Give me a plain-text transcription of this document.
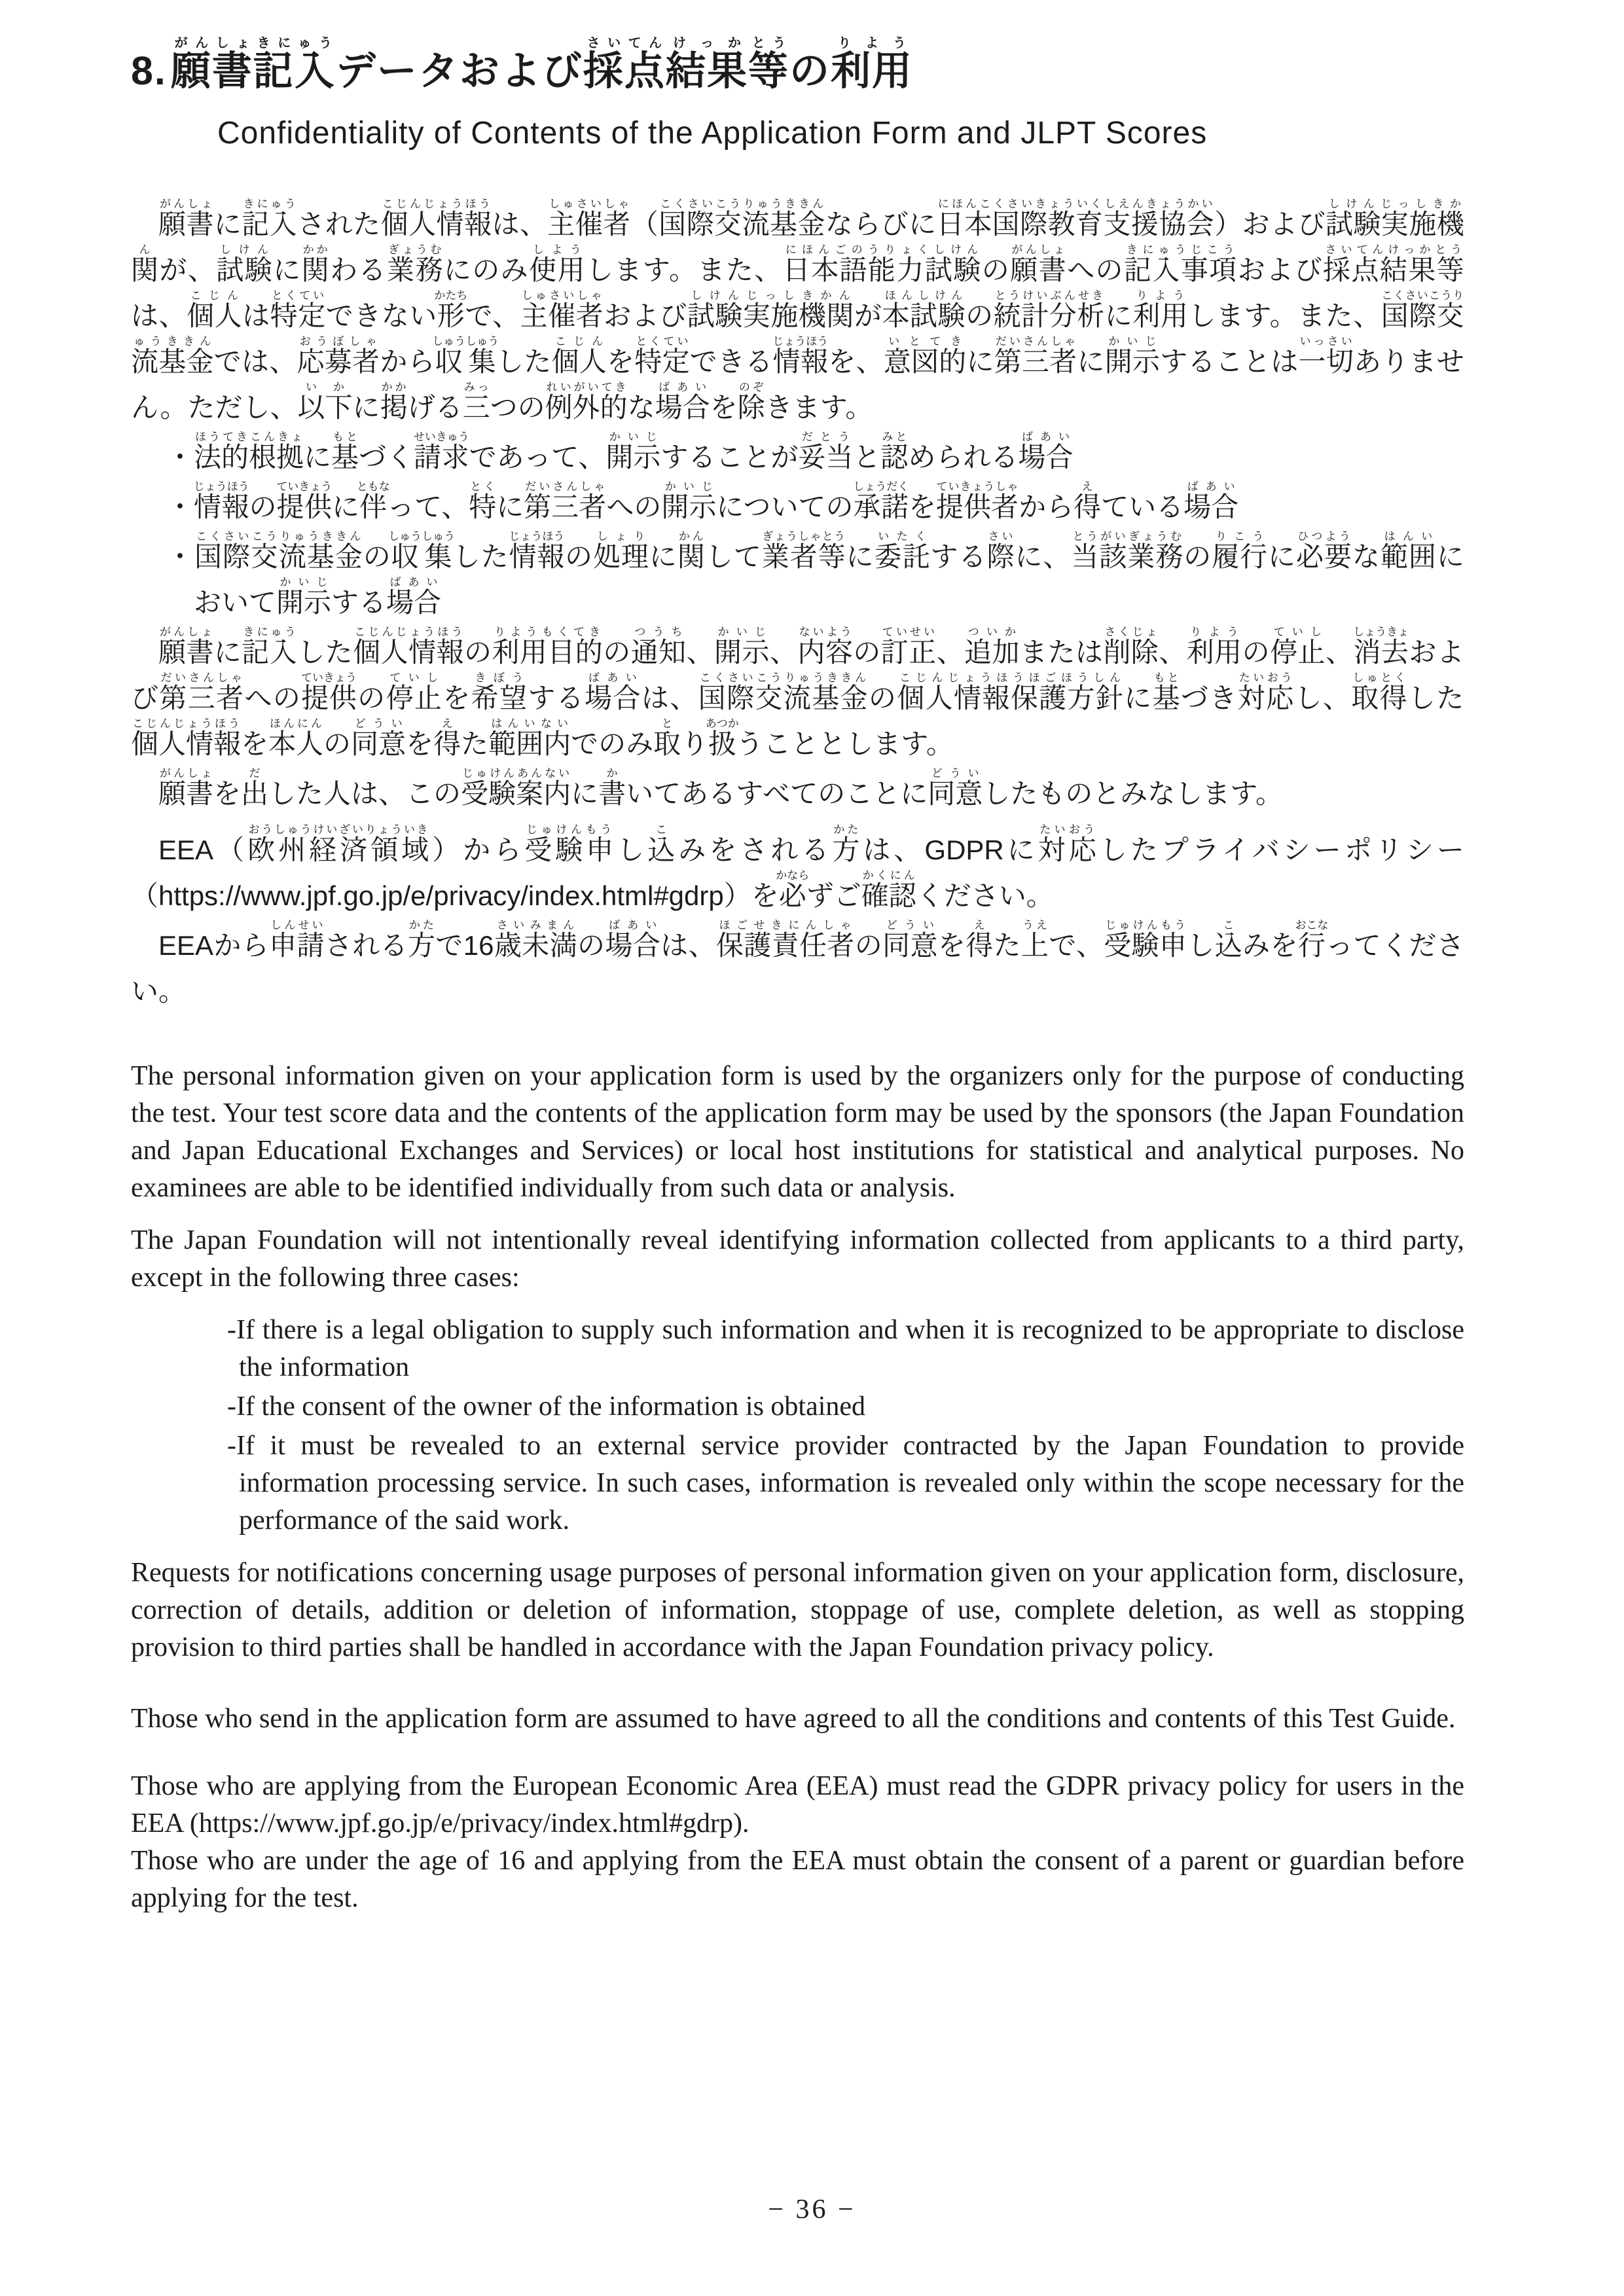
8.願書がんしょ記入きにゅうデータおよび採点さいてん結果けっか等とうの利用りよう
Confidentiality of Contents of the Application Form and JLPT Scores

願書がんしょに記入きにゅうされた個人情報こじんじょうほうは、主催者しゅさいしゃ（国際交流基金こくさいこうりゅうききんならびに日本国際教育支援協会にほんこくさいきょういくしえんきょうかい）および試験実施機関しけんじっしきかんが、試験しけんに関かかわる業務ぎょうむにのみ使用しようします。また、日本語能力試験にほんごのうりょくしけんの願書がんしょへの記入事項きにゅうじこうおよび採点結果等さいてんけっかとうは、個人こじんは特定とくていできない形かたちで、主催者しゅさいしゃおよび試験実施機関しけんじっしきかんが本試験ほんしけんの統計分析とうけいぶんせきに利用りようします。また、国際交流基金こくさいこうりゅうききんでは、応募者おうぼしゃから収集しゅうしゅうした個人こじんを特定とくていできる情報じょうほうを、意図的いとてきに第三者だいさんしゃに開示かいじすることは一切いっさいありません。ただし、以下いかに掲かかげる三みっつの例外的れいがいてきな場合ばあいを除のぞきます。

・法的根拠ほうてきこんきょに基もとづく請求せいきゅうであって、開示かいじすることが妥当だとうと認みとめられる場合ばあい
・情報じょうほうの提供ていきょうに伴ともなって、特とくに第三者だいさんしゃへの開示かいじについての承諾しょうだくを提供者ていきょうしゃから得えている場合ばあい
・国際交流基金こくさいこうりゅうききんの収集しゅうしゅうした情報じょうほうの処理しょりに関かんして業者等ぎょうしゃとうに委託いたくする際さいに、当該業務とうがいぎょうむの履行りこうに必要ひつような範囲はんいにおいて開示かいじする場合ばあい

願書がんしょに記入きにゅうした個人情報こじんじょうほうの利用目的りようもくてきの通知つうち、開示かいじ、内容ないようの訂正ていせい、追加ついかまたは削除さくじょ、利用りようの停止ていし、消去しょうきょおよび第三者だいさんしゃへの提供ていきょうの停止ていしを希望きぼうする場合ばあいは、国際交流基金こくさいこうりゅうききんの個人情報保護方針こじんじょうほうほごほうしんに基もとづき対応たいおうし、取得しゅとくした個人情報こじんじょうほうを本人ほんにんの同意どういを得えた範囲内はんいないでのみ取とり扱あつかうこととします。

願書がんしょを出だした人は、この受験案内じゅけんあんないに書かいてあるすべてのことに同意どういしたものとみなします。

EEA（欧州経済領域おうしゅうけいざいりょういき）から受験申じゅけんもうし込こみをされる方かたは、GDPRに対応たいおうしたプライバシーポリシー（https://www.jpf.go.jp/e/privacy/index.html#gdrp）を必かならずご確認かくにんください。

EEAから申請しんせいされる方かたで16歳未満さいみまんの場合ばあいは、保護責任者ほごせきにんしゃの同意どういを得えた上うえで、受験申じゅけんもうし込こみを行おこなってください。

The personal information given on your application form is used by the organizers only for the purpose of conducting the test. Your test score data and the contents of the application form may be used by the sponsors (the Japan Foundation and Japan Educational Exchanges and Services) or local host institutions for statistical and analytical purposes. No examinees are able to be identified individually from such data or analysis.

The Japan Foundation will not intentionally reveal identifying information collected from applicants to a third party, except in the following three cases:

-If there is a legal obligation to supply such information and when it is recognized to be appropriate to disclose the information
-If the consent of the owner of the information is obtained
-If it must be revealed to an external service provider contracted by the Japan Foundation to provide information processing service. In such cases, information is revealed only within the scope necessary for the performance of the said work.

Requests for notifications concerning usage purposes of personal information given on your application form, disclosure, correction of details, addition or deletion of information, stoppage of use, complete deletion, as well as stopping provision to third parties shall be handled in accordance with the Japan Foundation privacy policy.

Those who send in the application form are assumed to have agreed to all the conditions and contents of this Test Guide.

Those who are applying from the European Economic Area (EEA) must read the GDPR privacy policy for users in the EEA (https://www.jpf.go.jp/e/privacy/index.html#gdrp).

Those who are under the age of 16 and applying from the EEA must obtain the consent of a parent or guardian before applying for the test.

− 36 −
